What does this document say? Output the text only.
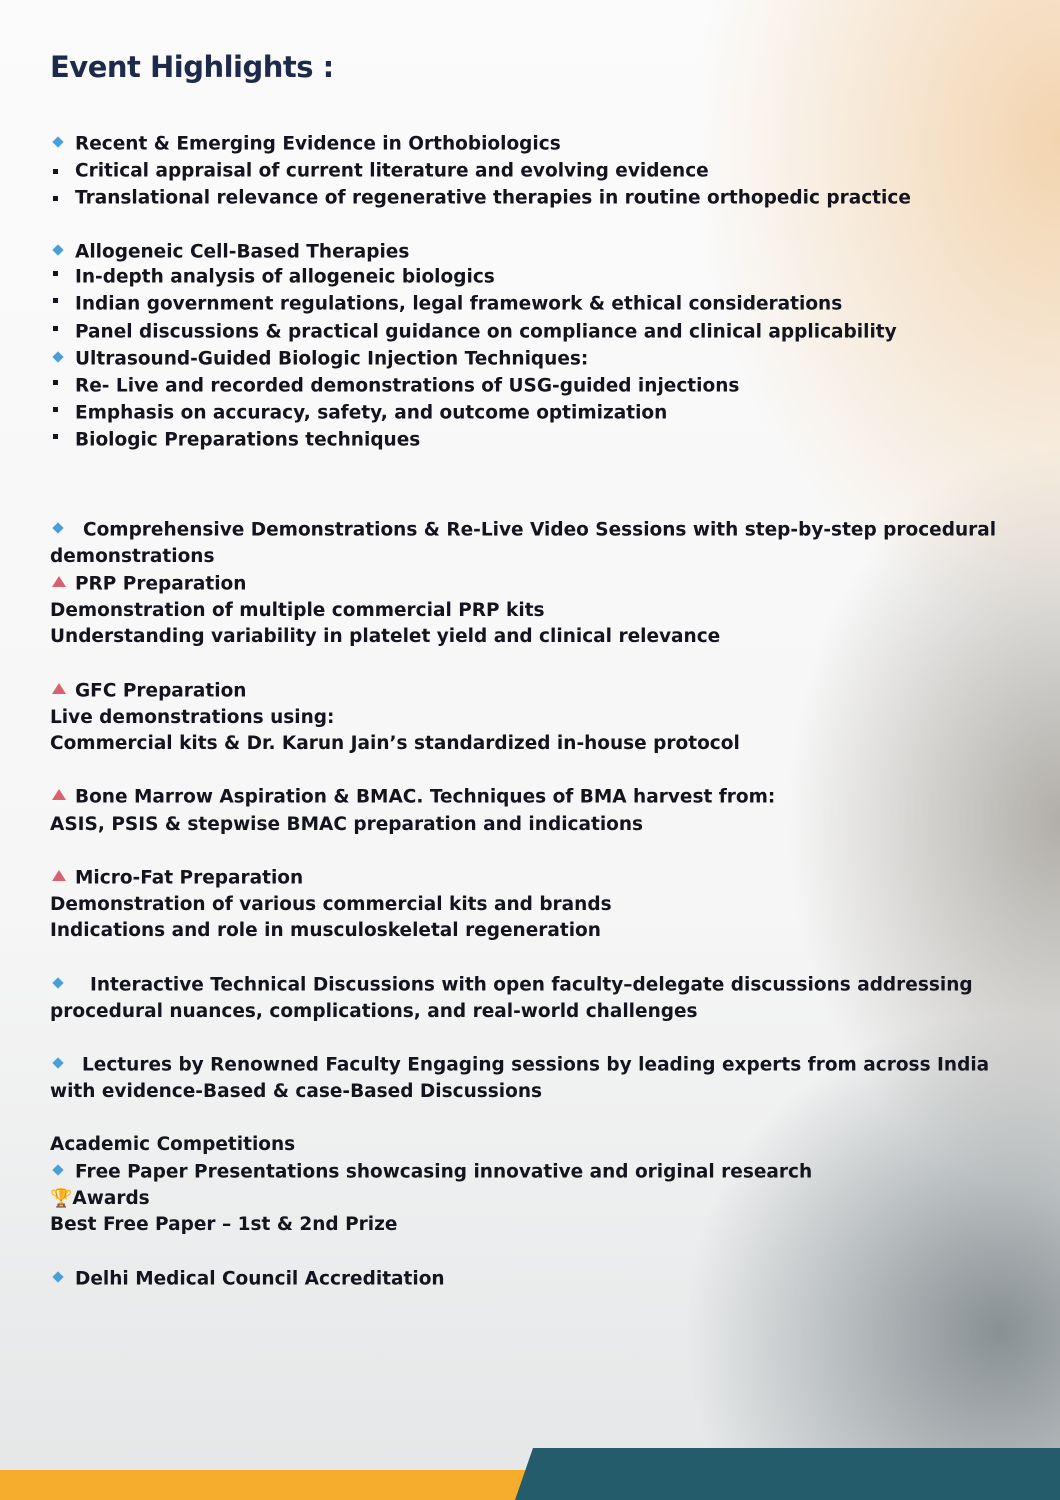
Event Highlights :
Recent & Emerging Evidence in Orthobiologics
Critical appraisal of current literature and evolving evidence
Translational relevance of regenerative therapies in routine orthopedic practice
Allogeneic Cell-Based Therapies
In-depth analysis of allogeneic biologics
Indian government regulations, legal framework & ethical considerations
Panel discussions & practical guidance on compliance and clinical applicability
Ultrasound-Guided Biologic Injection Techniques:
Re- Live and recorded demonstrations of USG-guided injections
Emphasis on accuracy, safety, and outcome optimization
Biologic Preparations techniques
Comprehensive Demonstrations & Re-Live Video Sessions with step-by-step procedural demonstrations
PRP Preparation
Demonstration of multiple commercial PRP kits
Understanding variability in platelet yield and clinical relevance
GFC Preparation
Live demonstrations using:
Commercial kits & Dr. Karun Jain’s standardized in-house protocol
Bone Marrow Aspiration & BMAC. Techniques of BMA harvest from:
ASIS, PSIS & stepwise BMAC preparation and indications
Micro-Fat Preparation
Demonstration of various commercial kits and brands
Indications and role in musculoskeletal regeneration
Interactive Technical Discussions with open faculty–delegate discussions addressing procedural nuances, complications, and real-world challenges
Lectures by Renowned Faculty Engaging sessions by leading experts from across India with evidence-Based & case-Based Discussions
Academic Competitions
Free Paper Presentations showcasing innovative and original research
🏆Awards
Best Free Paper – 1st & 2nd Prize
Delhi Medical Council Accreditation
